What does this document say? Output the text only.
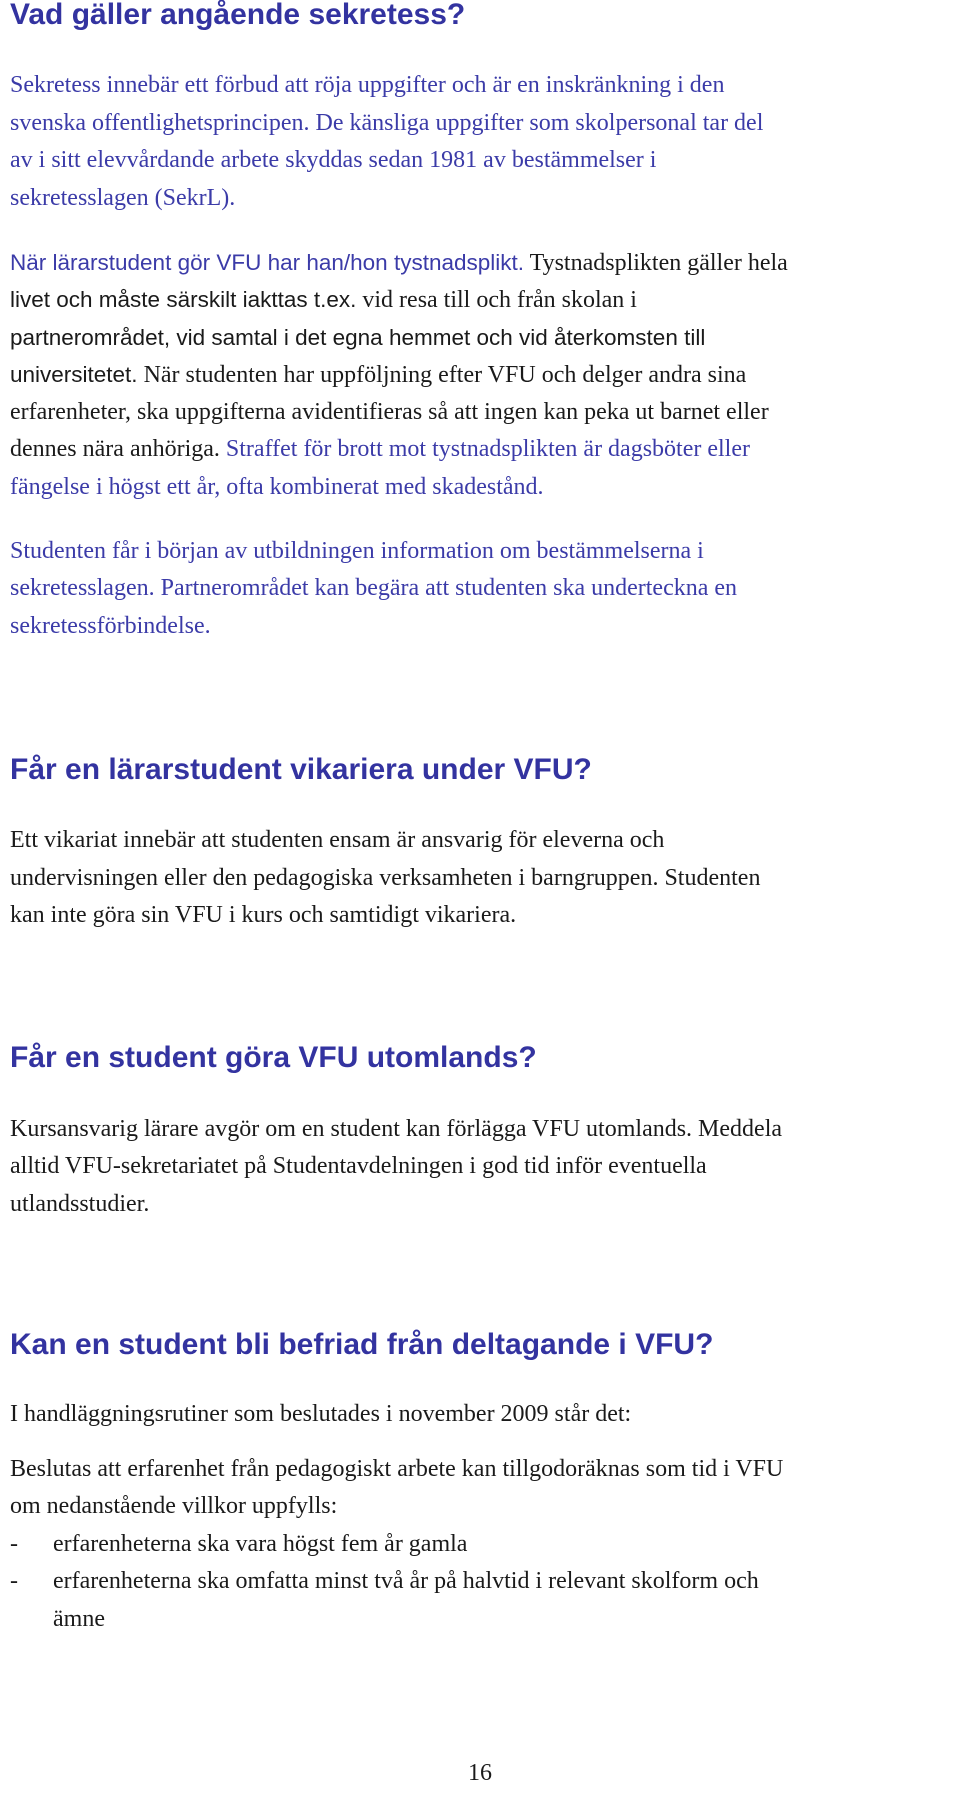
Vad gäller angående sekretess?

Sekretess innebär ett förbud att röja uppgifter och är en inskränkning i den

svenska offentlighetsprincipen. De känsliga uppgifter som skolpersonal tar del

av i sitt elevvårdande arbete skyddas sedan 1981 av bestämmelser i

sekretesslagen (SekrL).

När lärarstudent gör VFU har han/hon tystnadsplikt. Tystnadsplikten gäller hela

livet och måste särskilt iakttas t.ex. vid resa till och från skolan i

partnerområdet, vid samtal i det egna hemmet och vid återkomsten till

universitetet. När studenten har uppföljning efter VFU och delger andra sina

erfarenheter, ska uppgifterna avidentifieras så att ingen kan peka ut barnet eller

dennes nära anhöriga. Straffet för brott mot tystnadsplikten är dagsböter eller

fängelse i högst ett år, ofta kombinerat med skadestånd.

Studenten får i början av utbildningen information om bestämmelserna i

sekretesslagen. Partnerområdet kan begära att studenten ska underteckna en

sekretessförbindelse.

Får en lärarstudent vikariera under VFU?

Ett vikariat innebär att studenten ensam är ansvarig för eleverna och

undervisningen eller den pedagogiska verksamheten i barngruppen. Studenten

kan inte göra sin VFU i kurs och samtidigt vikariera.

Får en student göra VFU utomlands?

Kursansvarig lärare avgör om en student kan förlägga VFU utomlands. Meddela

alltid VFU-sekretariatet på Studentavdelningen i god tid inför eventuella

utlandsstudier.

Kan en student bli befriad från deltagande i VFU?

I handläggningsrutiner som beslutades i november 2009 står det:

Beslutas att erfarenhet från pedagogiskt arbete kan tillgodoräknas som tid i VFU

om nedanstående villkor uppfylls:

- erfarenheterna ska vara högst fem år gamla
- erfarenheterna ska omfatta minst två år på halvtid i relevant skolform och
ämne
16
